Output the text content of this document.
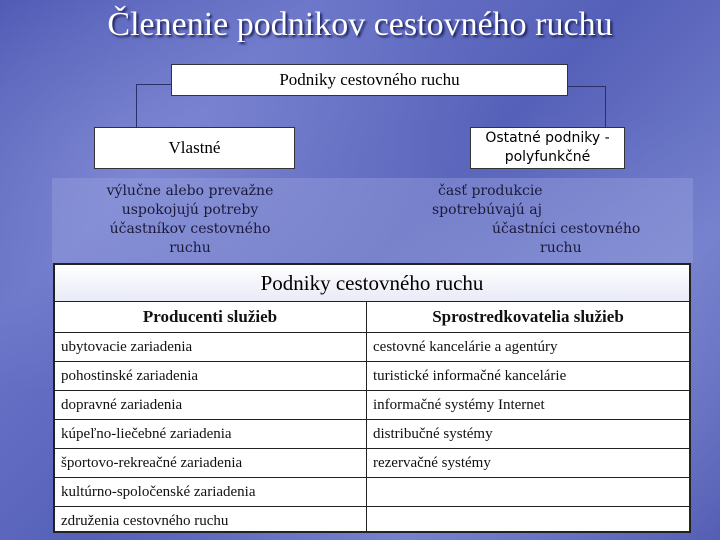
Členenie podnikov cestovného ruchu
Podniky cestovného ruchu
Vlastné	Ostatné podniky -
polyfunkčné
výlučne alebo prevažne
uspokojujú potreby
účastníkov cestovného
ruchu
časť produkcie
spotrebúvajú aj
účastníci cestovného
ruchu
Podniky cestovného ruchu
Producenti služieb	Sprostredkovatelia služieb
ubytovacie zariadenia	cestovné kancelárie a agentúry
pohostinské zariadenia	turistické informačné kancelárie
dopravné zariadenia	informačné systémy Internet
kúpeľno-liečebné zariadenia	distribučné systémy
športovo-rekreačné zariadenia	rezervačné systémy
kultúrno-spoločenské zariadenia
združenia cestovného ruchu
